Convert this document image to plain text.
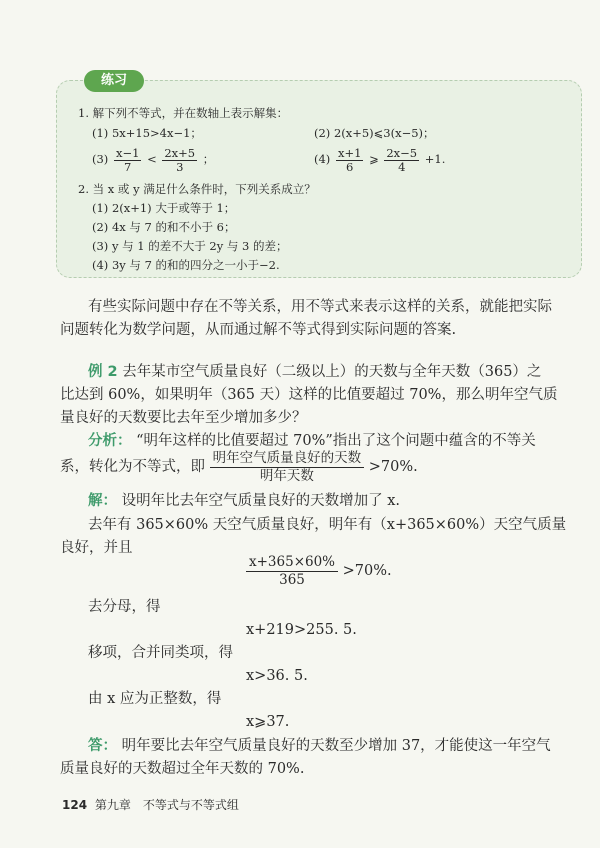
练习
1. 解下列不等式，并在数轴上表示解集：
(1) 5x+15>4x−1；	(2) 2(x+5)⩽3(x−5)；
$(3) \frac{x-1}{7} < \frac{2x+5}{3}$ ；	$(4) \frac{x+1}{6}$ ⩾ $\frac{2x-5}{4} +1$.
2. 当 x 或 y 满足什么条件时，下列关系成立？
(1) 2(x+1) 大于或等于 1；
(2) 4x 与 7 的和不小于 6；
(3) y 与 1 的差不大于 2y 与 3 的差；
(4) 3y 与 7 的和的四分之一小于−2.
有些实际问题中存在不等关系，用不等式来表示这样的关系，就能把实际
问题转化为数学问题，从而通过解不等式得到实际问题的答案.
例 2 去年某市空气质量良好（二级以上）的天数与全年天数（365）之
比达到 60%，如果明年（365 天）这样的比值要超过 70%，那么明年空气质
量良好的天数要比去年至少增加多少？
分析： “明年这样的比值要超过 70%”指出了这个问题中蕴含的不等关
系，转化为不等式，即 $\frac{\text{明年空气质量良好的天数}}{\text{明年天数}} >70\%$.
解： 设明年比去年空气质量良好的天数增加了 x.
去年有 365×60% 天空气质量良好，明年有（x+365×60%）天空气质量
良好，并且
$\frac{x+365\times 60\%}{365} >70\%$.
去分母，得
x+219>255. 5.
移项，合并同类项，得
x>36. 5.
由 x 应为正整数，得
x⩾37.
答： 明年要比去年空气质量良好的天数至少增加 37，才能使这一年空气
质量良好的天数超过全年天数的 70%.
124 第九章　不等式与不等式组
